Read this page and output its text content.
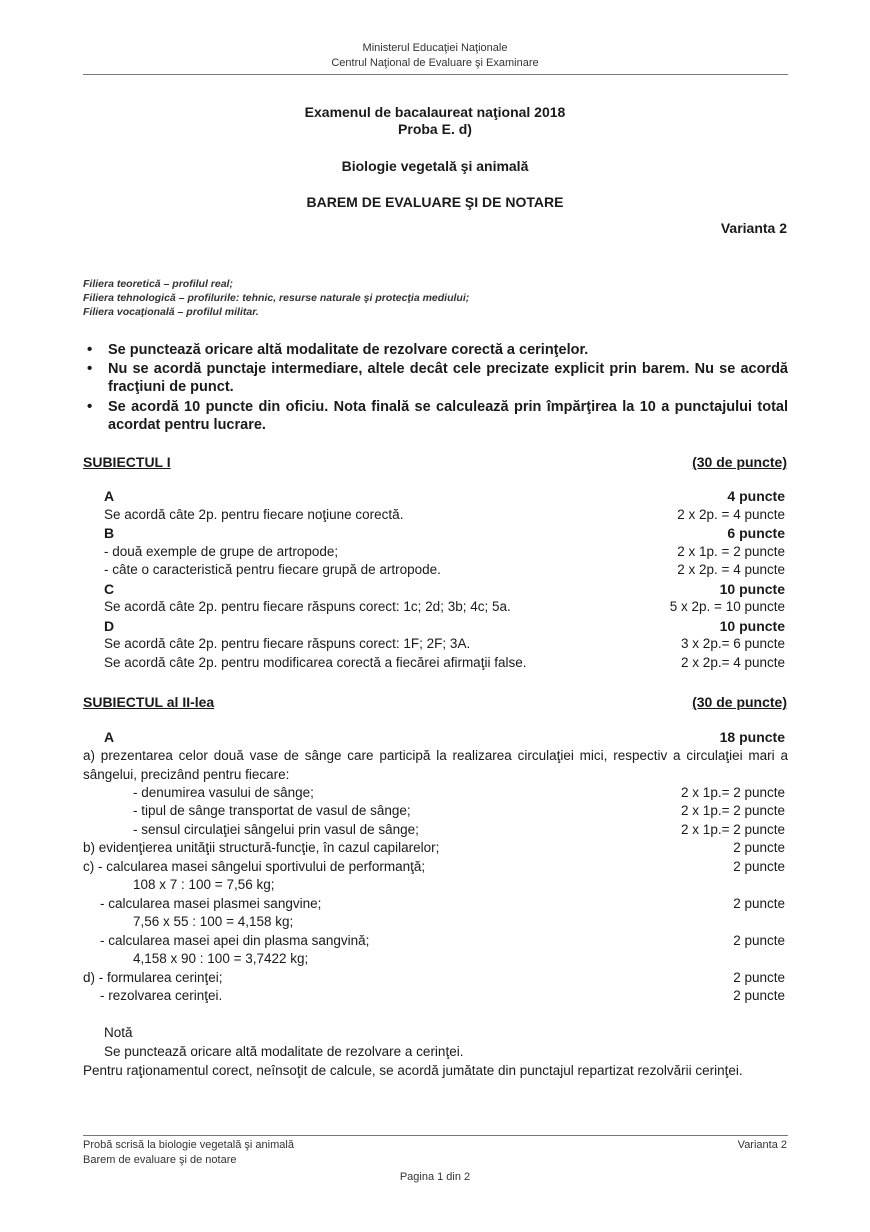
Ministerul Educaţiei Naţionale
Centrul Naţional de Evaluare şi Examinare
Examenul de bacalaureat naţional 2018
Proba E. d)
Biologie vegetală şi animală
BAREM DE EVALUARE ŞI DE NOTARE
Varianta 2
Filiera teoretică – profilul real;
Filiera tehnologică – profilurile: tehnic, resurse naturale şi protecţia mediului;
Filiera vocaţională – profilul militar.
• Se punctează oricare altă modalitate de rezolvare corectă a cerinţelor.
• Nu se acordă punctaje intermediare, altele decât cele precizate explicit prin barem. Nu se acordă fracţiuni de punct.
• Se acordă 10 puncte din oficiu. Nota finală se calculează prin împărţirea la 10 a punctajului total acordat pentru lucrare.
SUBIECTUL I	(30 de puncte)
A	4 puncte
Se acordă câte 2p. pentru fiecare noţiune corectă.	2 x 2p. = 4 puncte
B	6 puncte
- două exemple de grupe de artropode;	2 x 1p. = 2 puncte
- câte o caracteristică pentru fiecare grupă de artropode.	2 x 2p. = 4 puncte
C	10 puncte
Se acordă câte 2p. pentru fiecare răspuns corect: 1c; 2d; 3b; 4c; 5a.	5 x 2p. = 10 puncte
D	10 puncte
Se acordă câte 2p. pentru fiecare răspuns corect: 1F; 2F; 3A.	3 x 2p.= 6 puncte
Se acordă câte 2p. pentru modificarea corectă a fiecărei afirmaţii false.	2 x 2p.= 4 puncte
SUBIECTUL al II-lea	(30 de puncte)
A	18 puncte
a) prezentarea celor două vase de sânge care participă la realizarea circulaţiei mici, respectiv a circulaţiei mari a sângelui, precizând pentru fiecare:
- denumirea vasului de sânge;	2 x 1p.= 2 puncte
- tipul de sânge transportat de vasul de sânge;	2 x 1p.= 2 puncte
- sensul circulaţiei sângelui prin vasul de sânge;	2 x 1p.= 2 puncte
b) evidenţierea unităţii structură-funcţie, în cazul capilarelor;	2 puncte
c) - calcularea masei sângelui sportivului de performanţă;	2 puncte
108 x 7 : 100 = 7,56 kg;
- calcularea masei plasmei sangvine;	2 puncte
7,56 x 55 : 100 = 4,158 kg;
- calcularea masei apei din plasma sangvină;	2 puncte
4,158 x 90 : 100 = 3,7422 kg;
d) - formularea cerinţei;	2 puncte
- rezolvarea cerinţei.	2 puncte
Notă
Se punctează oricare altă modalitate de rezolvare a cerinţei.
Pentru raţionamentul corect, neînsoţit de calcule, se acordă jumătate din punctajul repartizat rezolvării cerinţei.
Probă scrisă la biologie vegetală şi animală
Barem de evaluare şi de notare
Varianta 2
Pagina 1 din 2
